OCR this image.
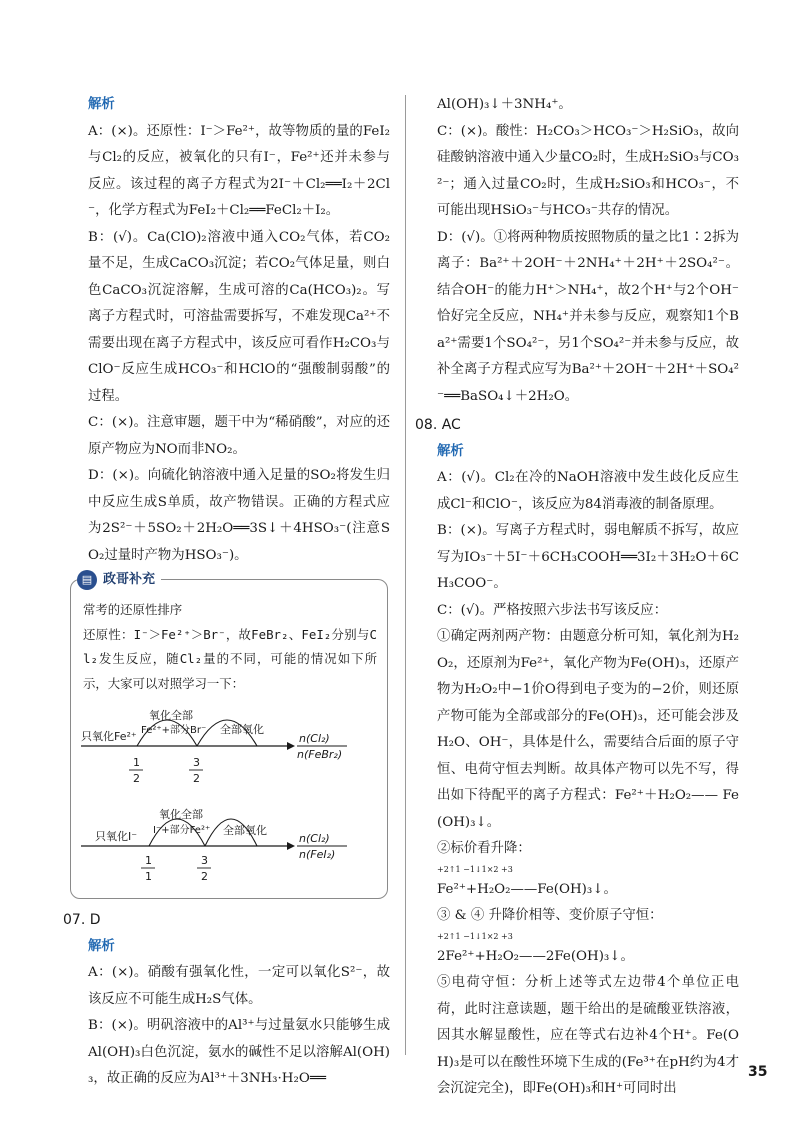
解析

A：(×)。还原性：I⁻＞Fe²⁺，故等物质的量的FeI₂与Cl₂的反应，被氧化的只有I⁻，Fe²⁺还并未参与反应。该过程的离子方程式为2I⁻＋Cl₂══I₂＋2Cl⁻，化学方程式为FeI₂＋Cl₂══FeCl₂＋I₂。

B：(√)。Ca(ClO)₂溶液中通入CO₂气体，若CO₂量不足，生成CaCO₃沉淀；若CO₂气体足量，则白色CaCO₃沉淀溶解，生成可溶的Ca(HCO₃)₂。写离子方程式时，可溶盐需要拆写，不难发现Ca²⁺不需要出现在离子方程式中，该反应可看作H₂CO₃与ClO⁻反应生成HCO₃⁻和HClO的“强酸制弱酸”的过程。

C：(×)。注意审题，题干中为“稀硝酸”，对应的还原产物应为NO而非NO₂。

D：(×)。向硫化钠溶液中通入足量的SO₂将发生归中反应生成S单质，故产物错误。正确的方程式应为2S²⁻＋5SO₂＋2H₂O══3S↓＋4HSO₃⁻(注意SO₂过量时产物为HSO₃⁻)。

▤ 政哥补充

常考的还原性排序

还原性：I⁻＞Fe²⁺＞Br⁻，故FeBr₂、FeI₂分别与Cl₂发生反应，随Cl₂量的不同，可能的情况如下所示，大家可以对照学习一下：

只氧化Fe²⁺
氧化全部
Fe²⁺+部分Br⁻ 全部氧化
1
2
3
2
n(Cl₂)
n(FeBr₂)
只氧化I⁻
氧化全部
I⁻+部分Fe²⁺ 全部氧化
1
1
3
2
n(Cl₂)
n(FeI₂)

07. D

解析

A：(×)。硝酸有强氧化性，一定可以氧化S²⁻，故该反应不可能生成H₂S气体。

B：(×)。明矾溶液中的Al³⁺与过量氨水只能够生成Al(OH)₃白色沉淀，氨水的碱性不足以溶解Al(OH)₃，故正确的反应为Al³⁺＋3NH₃·H₂O══

Al(OH)₃↓＋3NH₄⁺。

C：(×)。酸性：H₂CO₃＞HCO₃⁻＞H₂SiO₃，故向硅酸钠溶液中通入少量CO₂时，生成H₂SiO₃与CO₃²⁻；通入过量CO₂时，生成H₂SiO₃和HCO₃⁻，不可能出现HSiO₃⁻与HCO₃⁻共存的情况。

D：(√)。①将两种物质按照物质的量之比1∶2拆为离子：Ba²⁺＋2OH⁻＋2NH₄⁺＋2H⁺＋2SO₄²⁻。结合OH⁻的能力H⁺＞NH₄⁺，故2个H⁺与2个OH⁻恰好完全反应，NH₄⁺并未参与反应，观察知1个Ba²⁺需要1个SO₄²⁻，另1个SO₄²⁻并未参与反应，故补全离子方程式应写为Ba²⁺＋2OH⁻＋2H⁺＋SO₄²⁻══BaSO₄↓＋2H₂O。

08. AC

解析

A：(√)。Cl₂在冷的NaOH溶液中发生歧化反应生成Cl⁻和ClO⁻，该反应为84消毒液的制备原理。

B：(×)。写离子方程式时，弱电解质不拆写，故应写为IO₃⁻＋5I⁻＋6CH₃COOH══3I₂＋3H₂O＋6CH₃COO⁻。

C：(√)。严格按照六步法书写该反应：

①确定两剂两产物：由题意分析可知，氧化剂为H₂O₂，还原剂为Fe²⁺，氧化产物为Fe(OH)₃，还原产物为H₂O₂中−1价O得到电子变为的−2价，则还原产物可能为全部或部分的Fe(OH)₃，还可能会涉及H₂O、OH⁻，具体是什么，需要结合后面的原子守恒、电荷守恒去判断。故具体产物可以先不写，得出如下待配平的离子方程式：Fe²⁺＋H₂O₂—— Fe(OH)₃↓。

②标价看升降：
+2↑1 −1↓1×2 +3
Fe²⁺+H₂O₂——Fe(OH)₃↓。

③ & ④ 升降价相等、变价原子守恒：
+2↑1 −1↓1×2 +3
2Fe²⁺+H₂O₂——2Fe(OH)₃↓。

⑤电荷守恒：分析上述等式左边带4个单位正电荷，此时注意读题，题干给出的是硫酸亚铁溶液，因其水解显酸性，应在等式右边补4个H⁺。Fe(OH)₃是可以在酸性环境下生成的(Fe³⁺在pH约为4才会沉淀完全)，即Fe(OH)₃和H⁺可同时出

35
